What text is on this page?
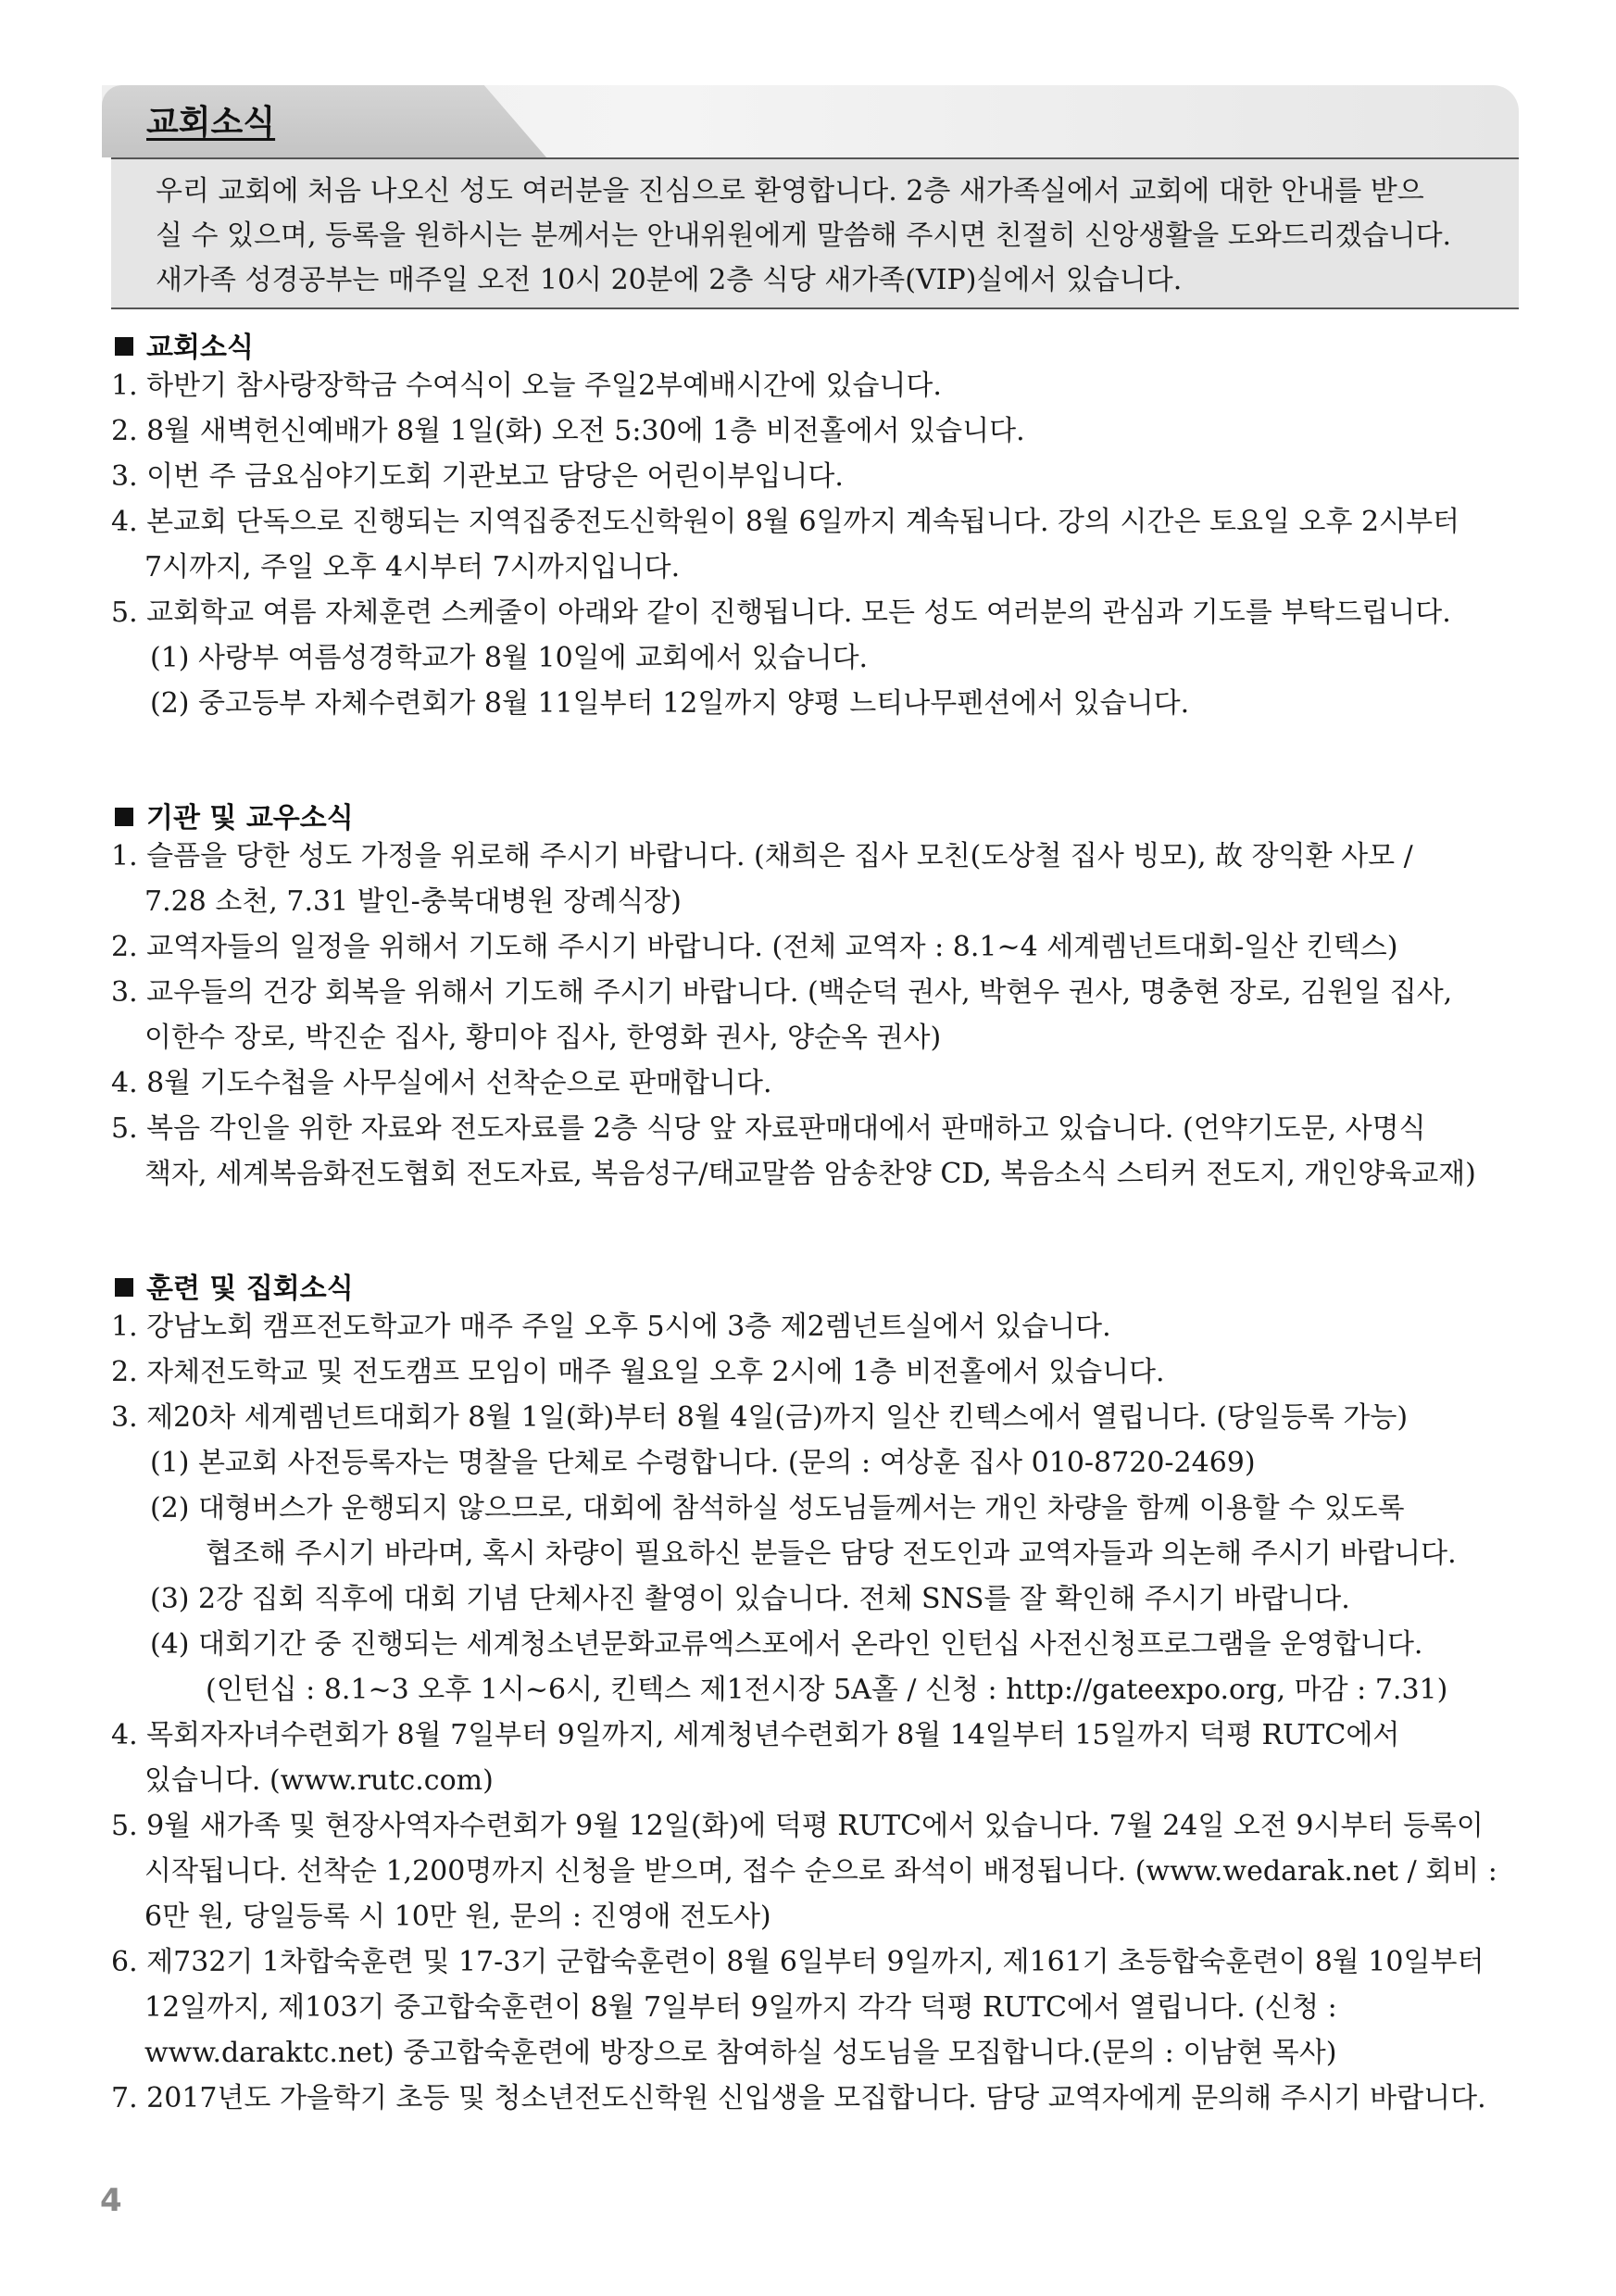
교회소식

우리 교회에 처음 나오신 성도 여러분을 진심으로 환영합니다. 2층 새가족실에서 교회에 대한 안내를 받으

실 수 있으며, 등록을 원하시는 분께서는 안내위원에게 말씀해 주시면 친절히 신앙생활을 도와드리겠습니다.

새가족 성경공부는 매주일 오전 10시 20분에 2층 식당 새가족(VIP)실에서 있습니다.

교회소식
1. 하반기 참사랑장학금 수여식이 오늘 주일2부예배시간에 있습니다.
2. 8월 새벽헌신예배가 8월 1일(화) 오전 5:30에 1층 비전홀에서 있습니다.
3. 이번 주 금요심야기도회 기관보고 담당은 어린이부입니다.
4. 본교회 단독으로 진행되는 지역집중전도신학원이 8월 6일까지 계속됩니다. 강의 시간은 토요일 오후 2시부터
7시까지, 주일 오후 4시부터 7시까지입니다.
5. 교회학교 여름 자체훈련 스케줄이 아래와 같이 진행됩니다. 모든 성도 여러분의 관심과 기도를 부탁드립니다.
(1) 사랑부 여름성경학교가 8월 10일에 교회에서 있습니다.
(2) 중고등부 자체수련회가 8월 11일부터 12일까지 양평 느티나무펜션에서 있습니다.
기관 및 교우소식
1. 슬픔을 당한 성도 가정을 위로해 주시기 바랍니다. (채희은 집사 모친(도상철 집사 빙모), 故 장익환 사모 /
7.28 소천, 7.31 발인-충북대병원 장례식장)
2. 교역자들의 일정을 위해서 기도해 주시기 바랍니다. (전체 교역자 : 8.1~4 세계렘넌트대회-일산 킨텍스)
3. 교우들의 건강 회복을 위해서 기도해 주시기 바랍니다. (백순덕 권사, 박현우 권사, 명충현 장로, 김원일 집사,
이한수 장로, 박진순 집사, 황미야 집사, 한영화 권사, 양순옥 권사)
4. 8월 기도수첩을 사무실에서 선착순으로 판매합니다.
5. 복음 각인을 위한 자료와 전도자료를 2층 식당 앞 자료판매대에서 판매하고 있습니다. (언약기도문, 사명식
책자, 세계복음화전도협회 전도자료, 복음성구/태교말씀 암송찬양 CD, 복음소식 스티커 전도지, 개인양육교재)
훈련 및 집회소식
1. 강남노회 캠프전도학교가 매주 주일 오후 5시에 3층 제2렘넌트실에서 있습니다.
2. 자체전도학교 및 전도캠프 모임이 매주 월요일 오후 2시에 1층 비전홀에서 있습니다.
3. 제20차 세계렘넌트대회가 8월 1일(화)부터 8월 4일(금)까지 일산 킨텍스에서 열립니다. (당일등록 가능)
(1) 본교회 사전등록자는 명찰을 단체로 수령합니다. (문의 : 여상훈 집사 010-8720-2469)
(2) 대형버스가 운행되지 않으므로, 대회에 참석하실 성도님들께서는 개인 차량을 함께 이용할 수 있도록
협조해 주시기 바라며, 혹시 차량이 필요하신 분들은 담당 전도인과 교역자들과 의논해 주시기 바랍니다.
(3) 2강 집회 직후에 대회 기념 단체사진 촬영이 있습니다. 전체 SNS를 잘 확인해 주시기 바랍니다.
(4) 대회기간 중 진행되는 세계청소년문화교류엑스포에서 온라인 인턴십 사전신청프로그램을 운영합니다.
(인턴십 : 8.1~3 오후 1시~6시, 킨텍스 제1전시장 5A홀 / 신청 : http://gateexpo.org, 마감 : 7.31)
4. 목회자자녀수련회가 8월 7일부터 9일까지, 세계청년수련회가 8월 14일부터 15일까지 덕평 RUTC에서
있습니다. (www.rutc.com)
5. 9월 새가족 및 현장사역자수련회가 9월 12일(화)에 덕평 RUTC에서 있습니다. 7월 24일 오전 9시부터 등록이
시작됩니다. 선착순 1,200명까지 신청을 받으며, 접수 순으로 좌석이 배정됩니다. (www.wedarak.net / 회비 :
6만 원, 당일등록 시 10만 원, 문의 : 진영애 전도사)
6. 제732기 1차합숙훈련 및 17-3기 군합숙훈련이 8월 6일부터 9일까지, 제161기 초등합숙훈련이 8월 10일부터
12일까지, 제103기 중고합숙훈련이 8월 7일부터 9일까지 각각 덕평 RUTC에서 열립니다. (신청 :
www.daraktc.net) 중고합숙훈련에 방장으로 참여하실 성도님을 모집합니다.(문의 : 이남현 목사)
7. 2017년도 가을학기 초등 및 청소년전도신학원 신입생을 모집합니다. 담당 교역자에게 문의해 주시기 바랍니다.
4
